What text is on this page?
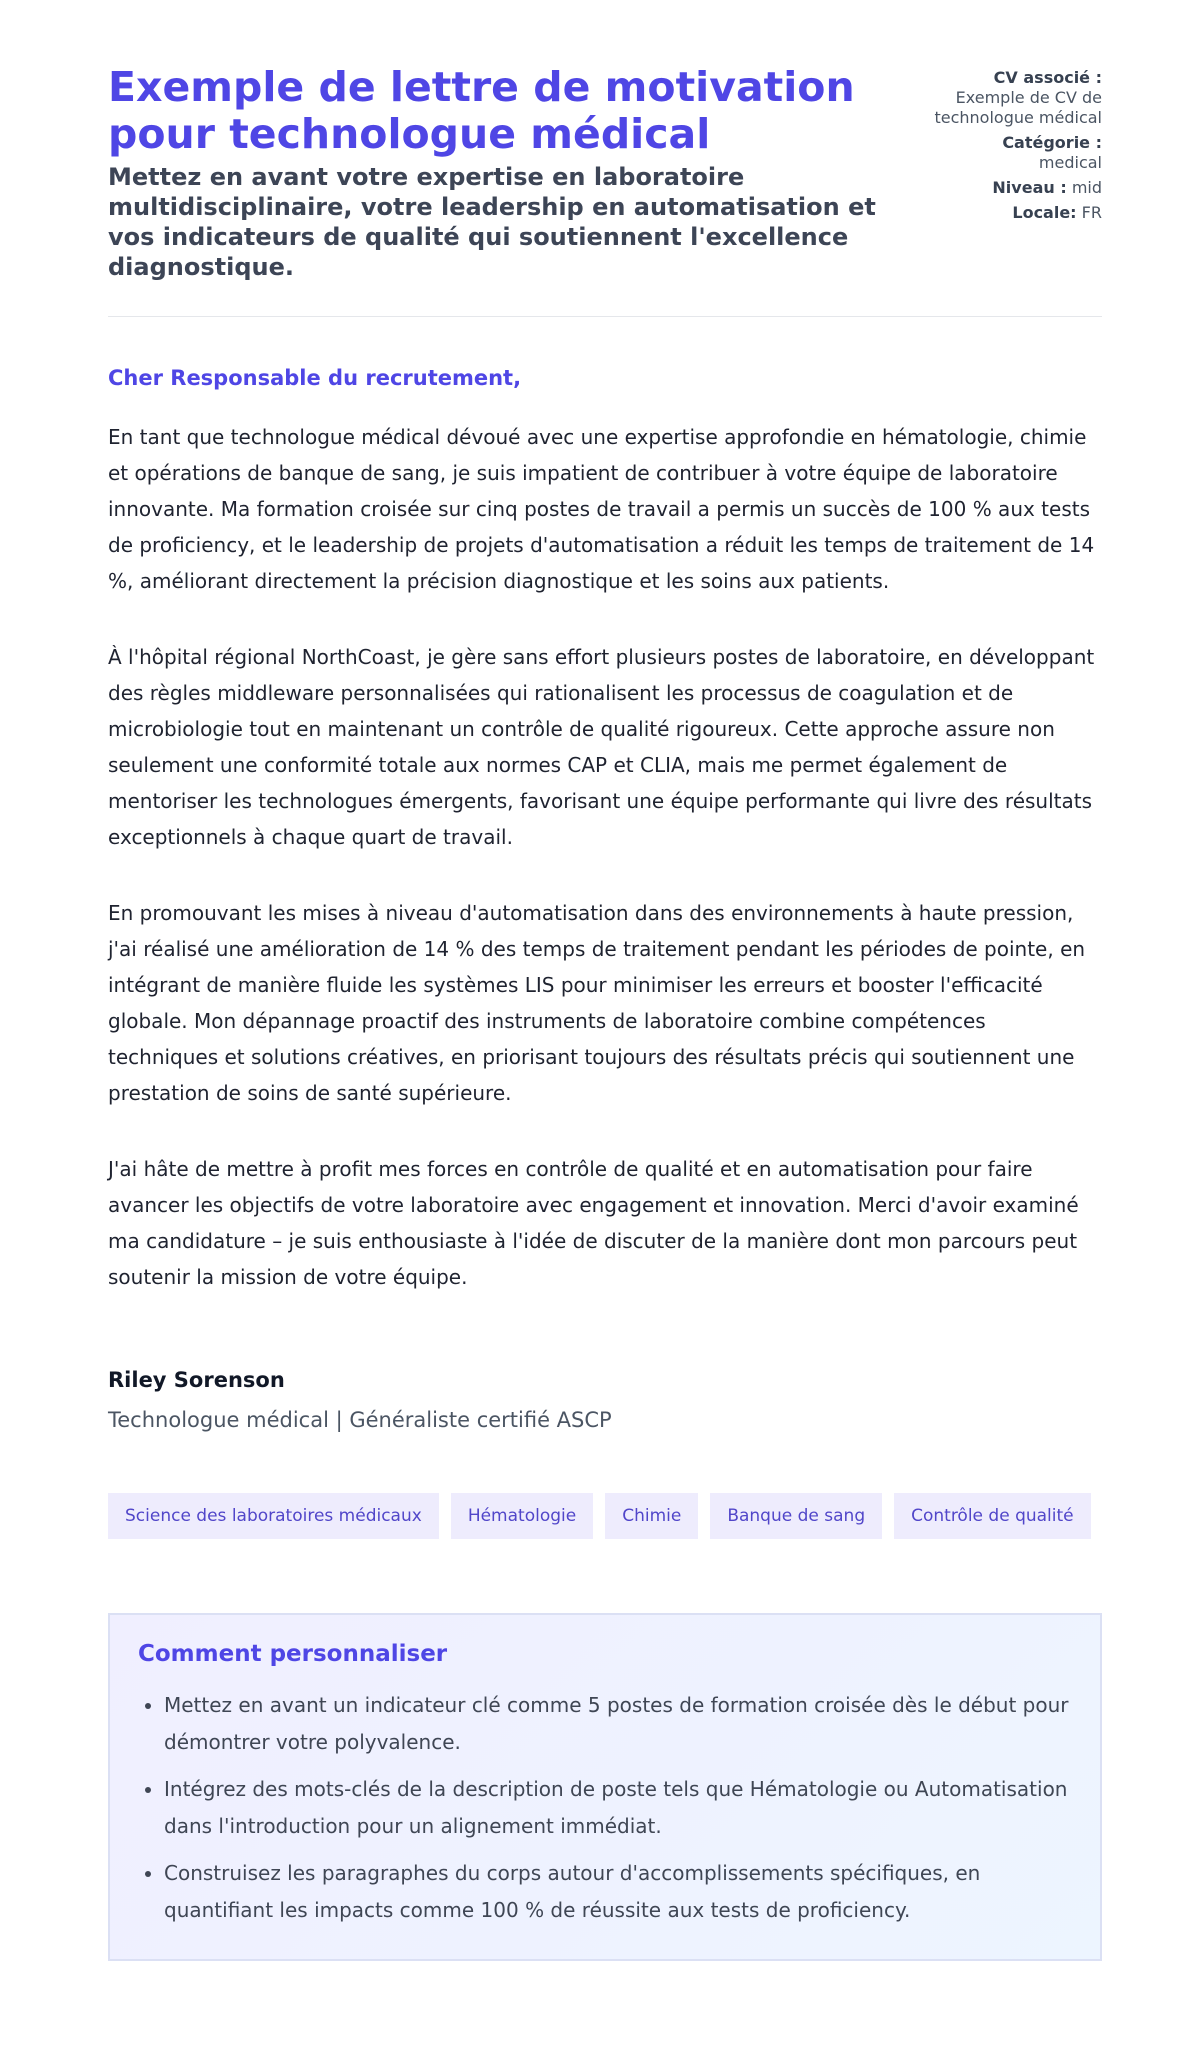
Exemple de lettre de motivation pour technologue médical
Mettez en avant votre expertise en laboratoire multidisciplinaire, votre leadership en automatisation et vos indicateurs de qualité qui soutiennent l'excellence diagnostique.
CV associé :
Exemple de CV de technologue médical
Catégorie :
medical
Niveau : mid
Locale: FR

Cher Responsable du recrutement,

En tant que technologue médical dévoué avec une expertise approfondie en hématologie, chimie et opérations de banque de sang, je suis impatient de contribuer à votre équipe de laboratoire innovante. Ma formation croisée sur cinq postes de travail a permis un succès de 100 % aux tests de proficiency, et le leadership de projets d'automatisation a réduit les temps de traitement de 14 %, améliorant directement la précision diagnostique et les soins aux patients.

À l'hôpital régional NorthCoast, je gère sans effort plusieurs postes de laboratoire, en développant des règles middleware personnalisées qui rationalisent les processus de coagulation et de microbiologie tout en maintenant un contrôle de qualité rigoureux. Cette approche assure non seulement une conformité totale aux normes CAP et CLIA, mais me permet également de mentoriser les technologues émergents, favorisant une équipe performante qui livre des résultats exceptionnels à chaque quart de travail.

En promouvant les mises à niveau d'automatisation dans des environnements à haute pression, j'ai réalisé une amélioration de 14 % des temps de traitement pendant les périodes de pointe, en intégrant de manière fluide les systèmes LIS pour minimiser les erreurs et booster l'efficacité globale. Mon dépannage proactif des instruments de laboratoire combine compétences techniques et solutions créatives, en priorisant toujours des résultats précis qui soutiennent une prestation de soins de santé supérieure.

J'ai hâte de mettre à profit mes forces en contrôle de qualité et en automatisation pour faire avancer les objectifs de votre laboratoire avec engagement et innovation. Merci d'avoir examiné ma candidature – je suis enthousiaste à l'idée de discuter de la manière dont mon parcours peut soutenir la mission de votre équipe.

Riley Sorenson
Technologue médical | Généraliste certifié ASCP
Science des laboratoires médicaux	Hématologie	Chimie	Banque de sang	Contrôle de qualité
Comment personnaliser
• Mettez en avant un indicateur clé comme 5 postes de formation croisée dès le début pour démontrer votre polyvalence.
• Intégrez des mots-clés de la description de poste tels que Hématologie ou Automatisation dans l'introduction pour un alignement immédiat.
• Construisez les paragraphes du corps autour d'accomplissements spécifiques, en quantifiant les impacts comme 100 % de réussite aux tests de proficiency.
